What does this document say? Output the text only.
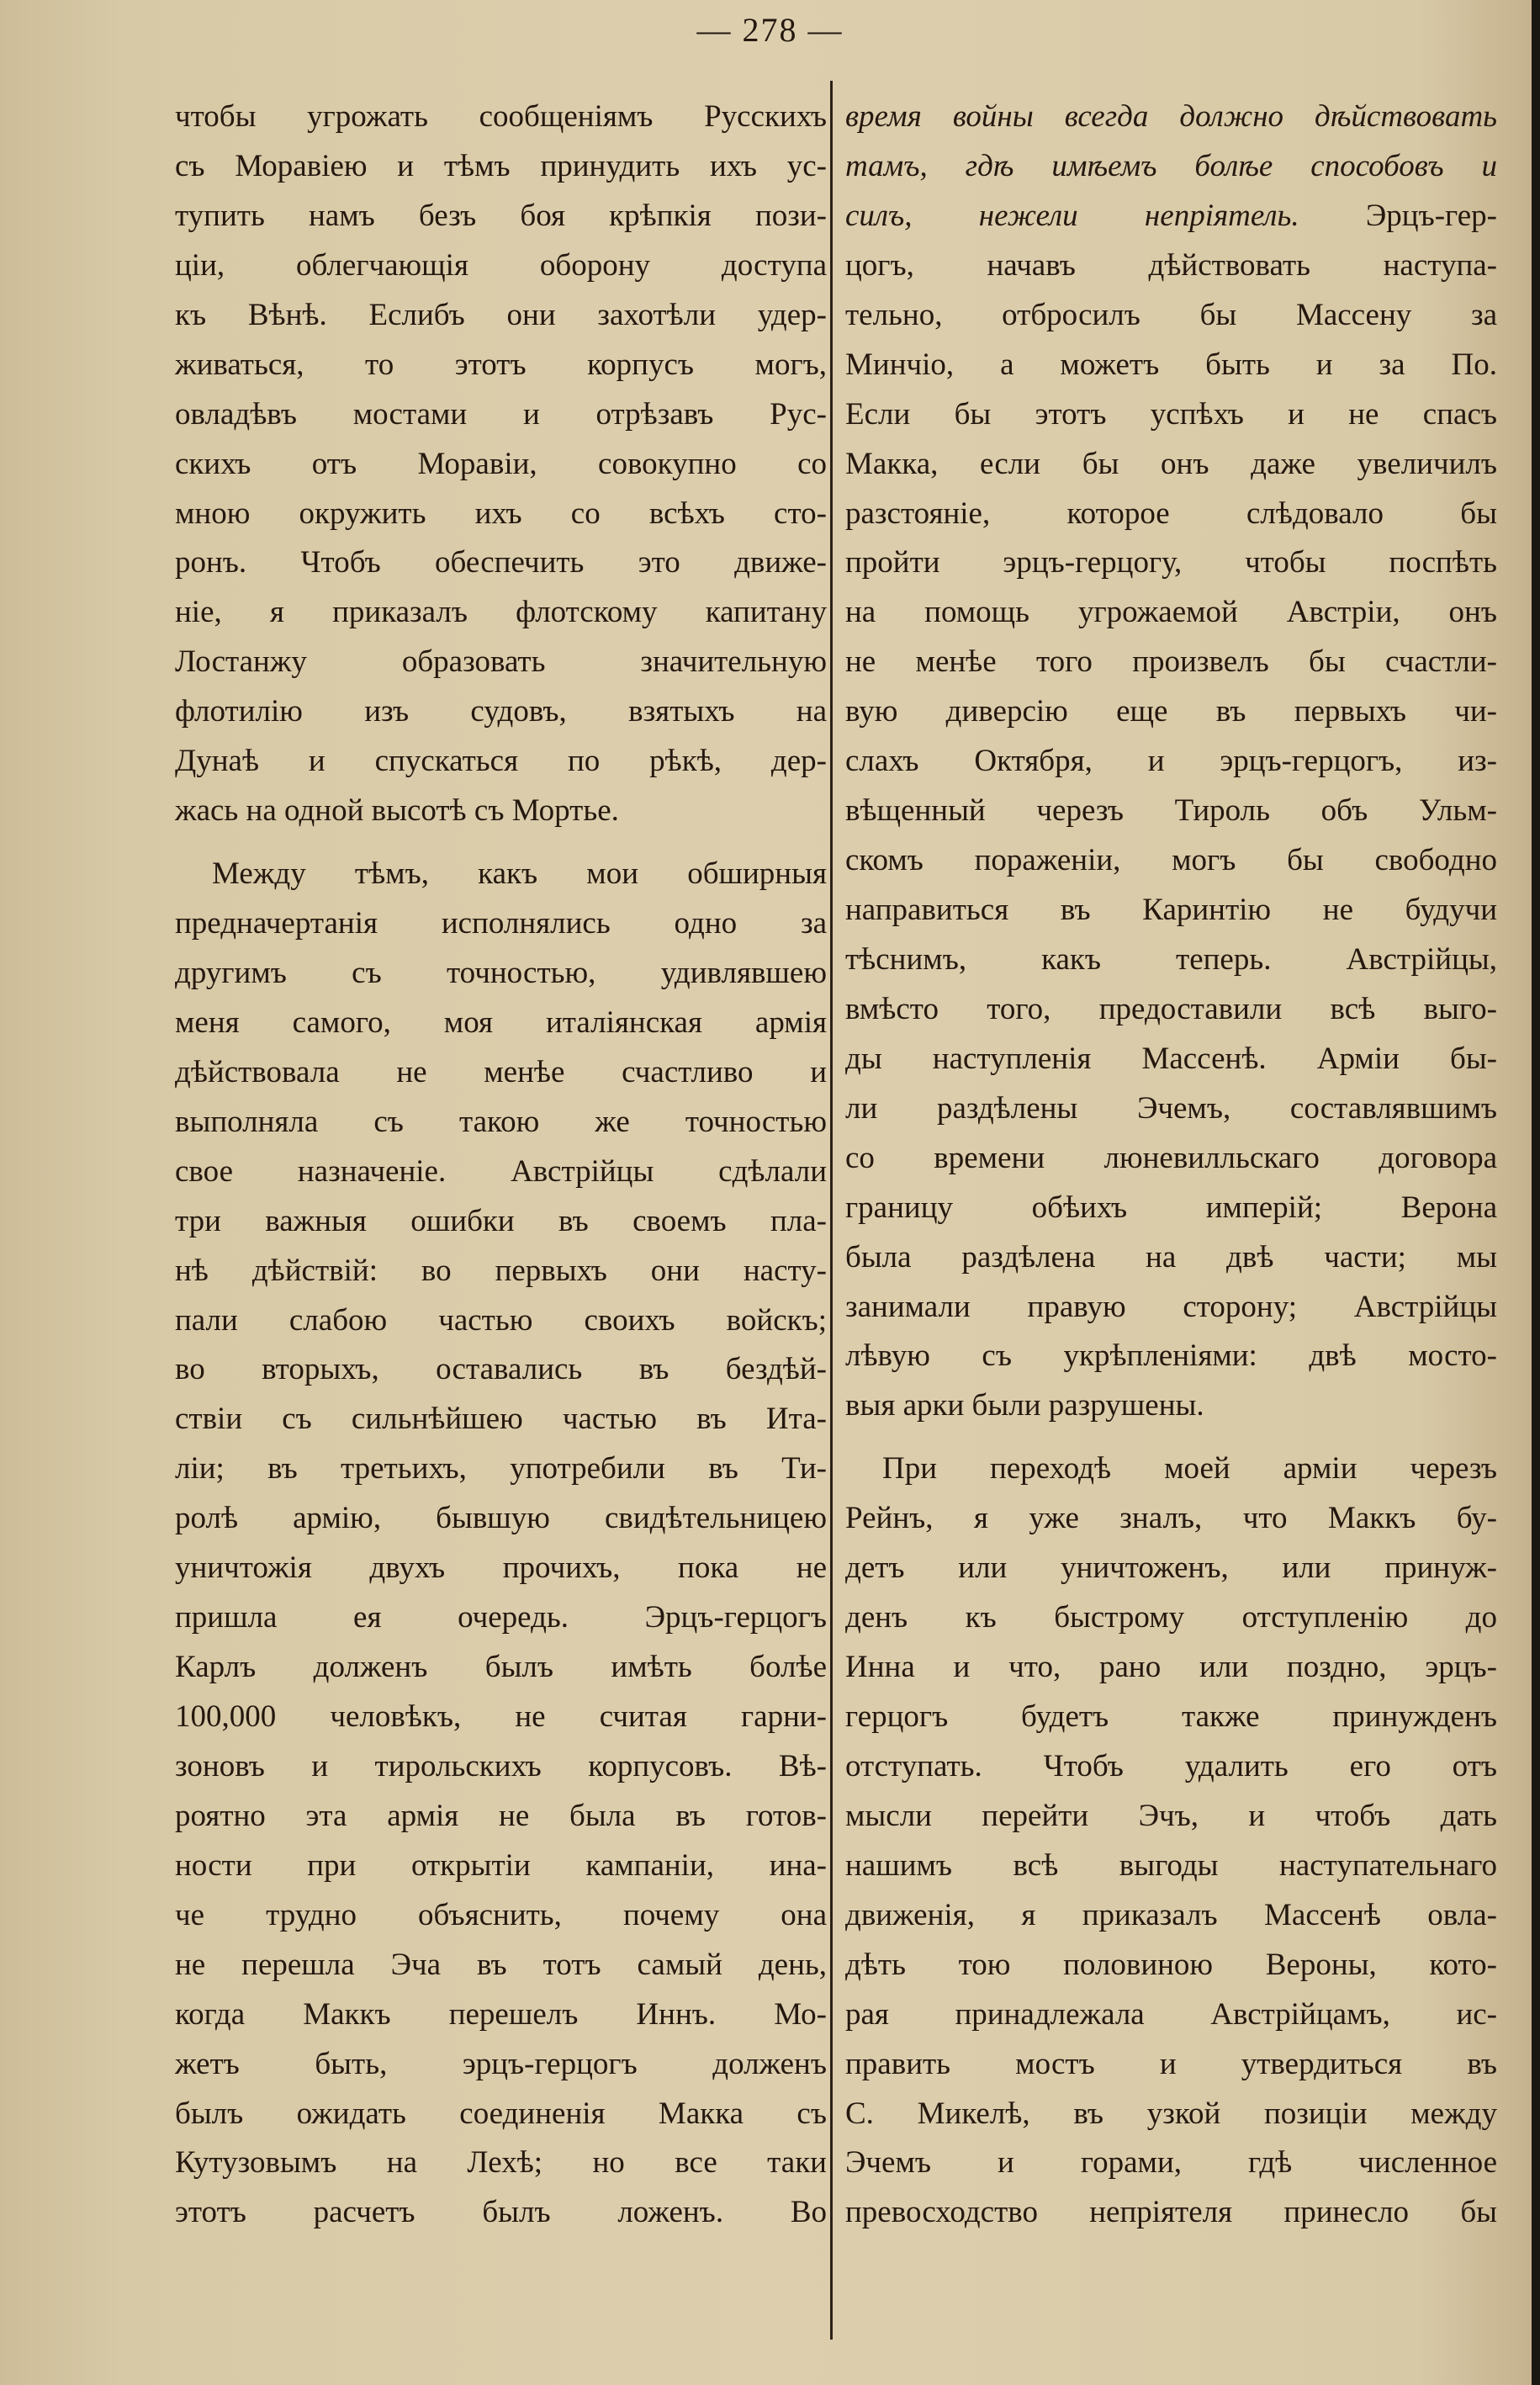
— 278 —
чтобы угрожать сообщеніямъ Русскихъ
съ Моравіею и тѣмъ принудить ихъ ус-
тупить намъ безъ боя крѣпкія пози-
ціи, облегчающія оборону доступа
къ Вѣнѣ. Еслибъ они захотѣли удер-
живаться, то этотъ корпусъ могъ,
овладѣвъ мостами и отрѣзавъ Рус-
скихъ отъ Моравіи, совокупно со
мною окружить ихъ со всѣхъ сто-
ронъ. Чтобъ обеспечить это движе-
ніе, я приказалъ флотскому капитану
Лостанжу образовать значительную
флотилію изъ судовъ, взятыхъ на
Дунаѣ и спускаться по рѣкѣ, дер-
жась на одной высотѣ съ Мортье.
Между тѣмъ, какъ мои обширныя
предначертанія исполнялись одно за
другимъ съ точностью, удивлявшею
меня самого, моя италіянская армія
дѣйствовала не менѣе счастливо и
выполняла съ такою же точностью
свое назначеніе. Австрійцы сдѣлали
три важныя ошибки въ своемъ пла-
нѣ дѣйствій: во первыхъ они насту-
пали слабою частью своихъ войскъ;
во вторыхъ, оставались въ бездѣй-
ствіи съ сильнѣйшею частью въ Ита-
ліи; въ третьихъ, употребили въ Ти-
ролѣ армію, бывшую свидѣтельницею
уничтожія двухъ прочихъ, пока не
пришла ея очередь. Эрцъ-герцогъ
Карлъ долженъ былъ имѣть болѣе
100,000 человѣкъ, не считая гарни-
зоновъ и тирольскихъ корпусовъ. Вѣ-
роятно эта армія не была въ готов-
ности при открытіи кампаніи, ина-
че трудно объяснить, почему она
не перешла Эча въ тотъ самый день,
когда Маккъ перешелъ Иннъ. Мо-
жетъ быть, эрцъ-герцогъ долженъ
былъ ожидать соединенія Макка съ
Кутузовымъ на Лехѣ; но все таки
этотъ расчетъ былъ ложенъ. Во
время войны всегда должно дѣйствовать
тамъ, гдѣ имѣемъ болѣе способовъ и
силъ, нежели непріятель. Эрцъ-гер-
цогъ, начавъ дѣйствовать наступа-
тельно, отбросилъ бы Массену за
Минчіо, а можетъ быть и за По.
Если бы этотъ успѣхъ и не спасъ
Макка, если бы онъ даже увеличилъ
разстояніе, которое слѣдовало бы
пройти эрцъ-герцогу, чтобы поспѣть
на помощь угрожаемой Австріи, онъ
не менѣе того произвелъ бы счастли-
вую диверсію еще въ первыхъ чи-
слахъ Октября, и эрцъ-герцогъ, из-
вѣщенный черезъ Тироль объ Ульм-
скомъ пораженіи, могъ бы свободно
направиться въ Каринтію не будучи
тѣснимъ, какъ теперь. Австрійцы,
вмѣсто того, предоставили всѣ выго-
ды наступленія Массенѣ. Арміи бы-
ли раздѣлены Эчемъ, составлявшимъ
со времени люневилльскаго договора
границу обѣихъ имперій; Верона
была раздѣлена на двѣ части; мы
занимали правую сторону; Австрійцы
лѣвую съ укрѣпленіями: двѣ мосто-
выя арки были разрушены.
При переходѣ моей арміи черезъ
Рейнъ, я уже зналъ, что Маккъ бу-
детъ или уничтоженъ, или принуж-
денъ къ быстрому отступленію до
Инна и что, рано или поздно, эрцъ-
герцогъ будетъ также принужденъ
отступать. Чтобъ удалить его отъ
мысли перейти Эчъ, и чтобъ дать
нашимъ всѣ выгоды наступательнаго
движенія, я приказалъ Массенѣ овла-
дѣть тою половиною Вероны, кото-
рая принадлежала Австрійцамъ, ис-
править мостъ и утвердиться въ
С. Микелѣ, въ узкой позиціи между
Эчемъ и горами, гдѣ численное
превосходство непріятеля принесло бы
